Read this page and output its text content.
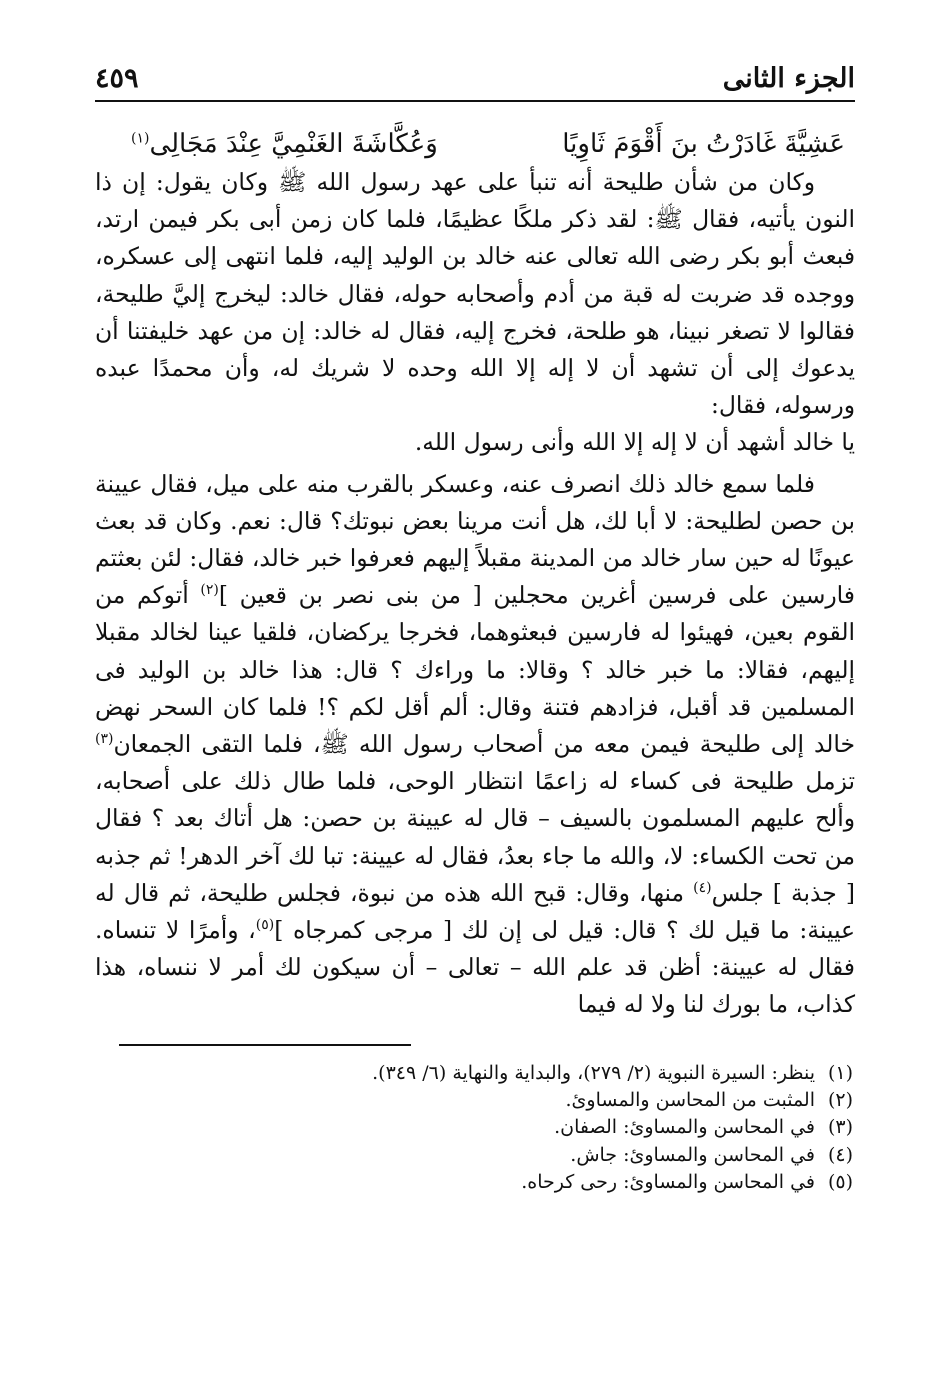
الجزء الثانى
٤٥٩
عَشِيَّةَ غَادَرْتُ بنَ أَقْوَمَ ثَاوِيًا
وَعُكَّاشَةَ الغَنْمِيَّ عِنْدَ مَجَالِى$^{(١)}$

وكان من شأن طليحة أنه تنبأ على عهد رسول الله ﷺ وكان يقول: إن ذا النون يأتيه، فقال ﷺ: لقد ذكر ملكًا عظيمًا، فلما كان زمن أبى بكر فيمن ارتد، فبعث أبو بكر رضى الله تعالى عنه خالد بن الوليد إليه، فلما انتهى إلى عسكره، ووجده قد ضربت له قبة من أدم وأصحابه حوله، فقال خالد: ليخرج إليَّ طليحة، فقالوا لا تصغر نبينا، هو طلحة، فخرج إليه، فقال له خالد: إن من عهد خليفتنا أن يدعوك إلى أن تشهد أن لا إله إلا الله وحده لا شريك له، وأن محمدًا عبده ورسوله، فقال:

يا خالد أشهد أن لا إله إلا الله وأنى رسول الله.

فلما سمع خالد ذلك انصرف عنه، وعسكر بالقرب منه على ميل، فقال عيينة بن حصن لطليحة: لا أبا لك، هل أنت مرينا بعض نبوتك؟ قال: نعم. وكان قد بعث عيونًا له حين سار خالد من المدينة مقبلاً إليهم فعرفوا خبر خالد، فقال: لئن بعثتم فارسين على فرسين أغرين محجلين [ من بنى نصر بن قعين ]$^{(٢)}$ أتوكم من القوم بعين، فهيئوا له فارسين فبعثوهما، فخرجا يركضان، فلقيا عينا لخالد مقبلا إليهم، فقالا: ما خبر خالد ؟ وقالا: ما وراءك ؟ قال: هذا خالد بن الوليد فى المسلمين قد أقبل، فزادهم فتنة وقال: ألم أقل لكم ؟! فلما كان السحر نهض خالد إلى طليحة فيمن معه من أصحاب رسول الله ﷺ، فلما التقى الجمعان$^{(٣)}$ تزمل طليحة فى كساء له زاعمًا انتظار الوحى، فلما طال ذلك على أصحابه، وألح عليهم المسلمون بالسيف – قال له عيينة بن حصن: هل أتاك بعد ؟ فقال من تحت الكساء: لا، والله ما جاء بعدُ، فقال له عيينة: تبا لك آخر الدهر! ثم جذبه [ جذبة ] جلس$^{(٤)}$ منها، وقال: قبح الله هذه من نبوة، فجلس طليحة، ثم قال له عيينة: ما قيل لك ؟ قال: قيل لى إن لك [ مرجى كمرجاه ]$^{(٥)}$، وأمرًا لا تنساه. فقال له عيينة: أظن قد علم الله – تعالى – أن سيكون لك أمر لا ننساه، هذا كذاب، ما بورك لنا ولا له فيما

(١)ينظر: السيرة النبوية (٢/ ٢٧٩)، والبداية والنهاية (٦/ ٣٤٩).
(٢)المثبت من المحاسن والمساوئ.
(٣)في المحاسن والمساوئ: الصفان.
(٤)في المحاسن والمساوئ: جاش.
(٥)في المحاسن والمساوئ: رحى كرحاه.
